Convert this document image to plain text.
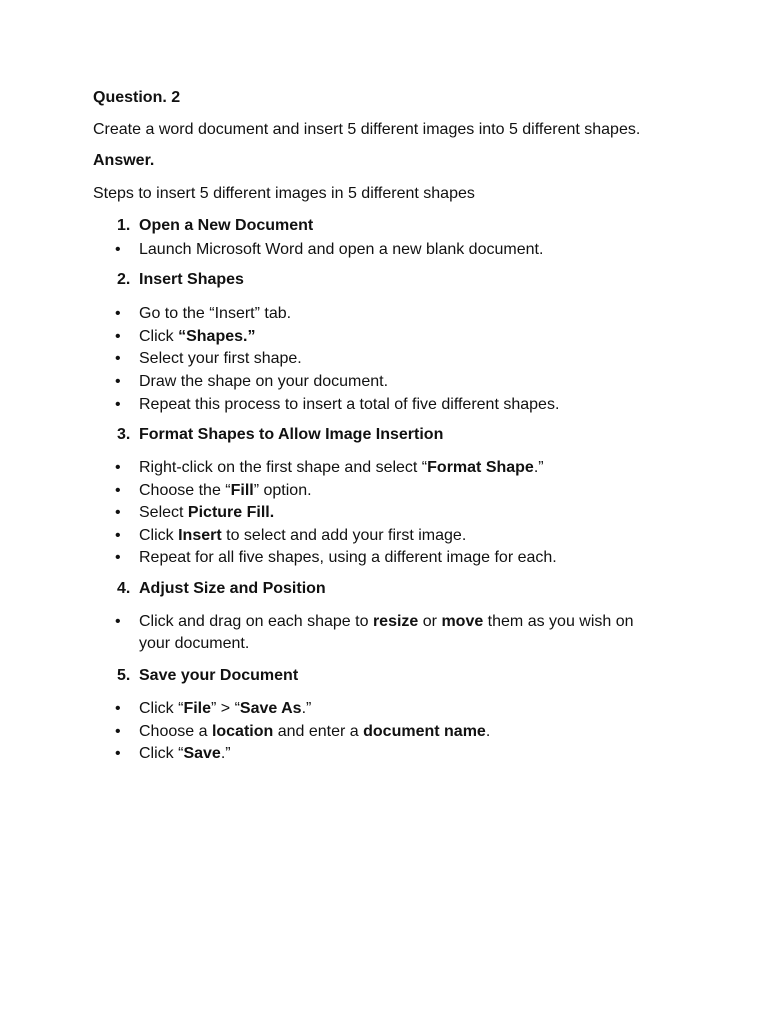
Question. 2
Create a word document and insert 5 different images into 5 different shapes.
Answer.
Steps to insert 5 different images in 5 different shapes
1. Open a New Document
2. Insert Shapes
3. Format Shapes to Allow Image Insertion
4. Adjust Size and Position
5. Save your Document
•	Launch Microsoft Word and open a new blank document.
•	Go to the “Insert” tab.
•	Click “Shapes.”
•	Select your first shape.
•	Draw the shape on your document.
•	Repeat this process to insert a total of five different shapes.
•	Right-click on the first shape and select “Format Shape.”
•	Choose the “Fill” option.
•	Select Picture Fill.
•	Click Insert to select and add your first image.
•	Repeat for all five shapes, using a different image for each.
•	Click and drag on each shape to resize or move them as you wish on your document.
•	Click “File” > “Save As.”
•	Choose a location and enter a document name.
•	Click “Save.”
